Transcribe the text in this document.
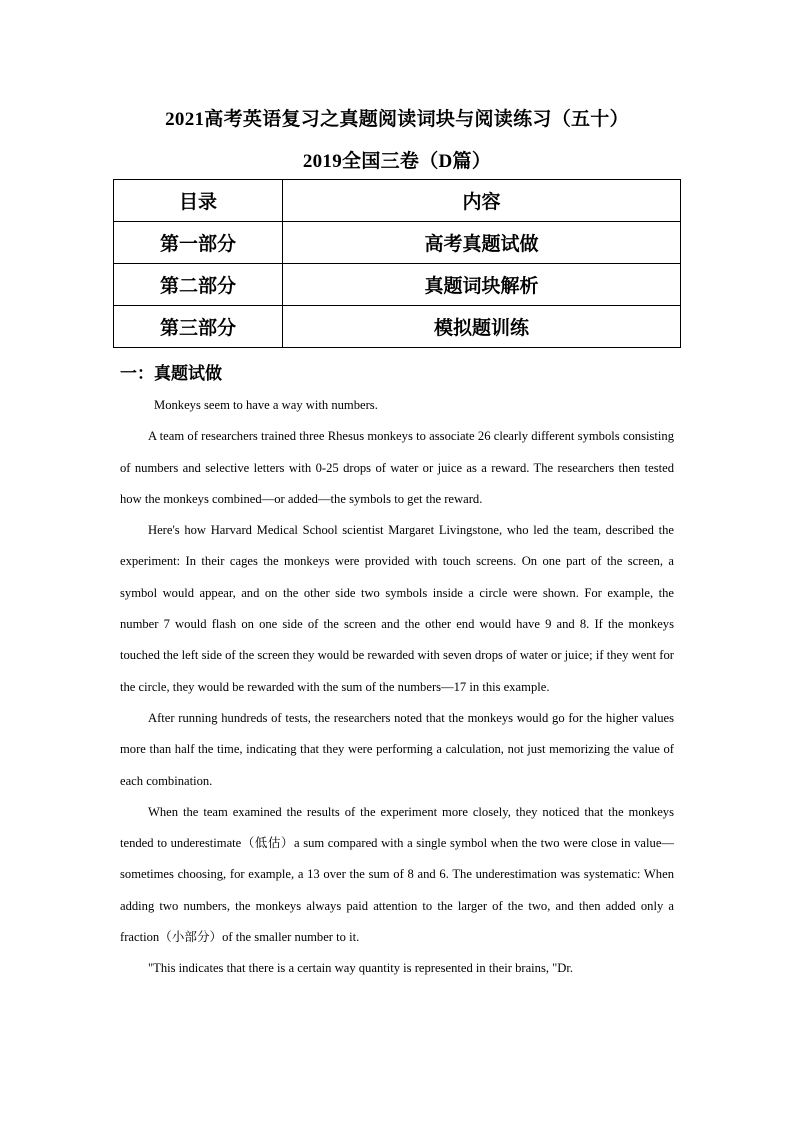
2021高考英语复习之真题阅读词块与阅读练习（五十）
2019全国三卷（D篇）
目录	内容
第一部分	高考真题试做
第二部分	真题词块解析
第三部分	模拟题训练
一：真题试做

Monkeys seem to have a way with numbers.

A team of researchers trained three Rhesus monkeys to associate 26 clearly different symbols consisting of numbers and selective letters with 0-25 drops of water or juice as a reward. The researchers then tested how the monkeys combined—or added—the symbols to get the reward.

Here's how Harvard Medical School scientist Margaret Livingstone, who led the team, described the experiment: In their cages the monkeys were provided with touch screens. On one part of the screen, a symbol would appear, and on the other side two symbols inside a circle were shown. For example, the number 7 would flash on one side of the screen and the other end would have 9 and 8. If the monkeys touched the left side of the screen they would be rewarded with seven drops of water or juice; if they went for the circle, they would be rewarded with the sum of the numbers—17 in this example.

After running hundreds of tests, the researchers noted that the monkeys would go for the higher values more than half the time, indicating that they were performing a calculation, not just memorizing the value of each combination.

When the team examined the results of the experiment more closely, they noticed that the monkeys tended to underestimate（低估）a sum compared with a single symbol when the two were close in value—sometimes choosing, for example, a 13 over the sum of 8 and 6. The underestimation was systematic: When adding two numbers, the monkeys always paid attention to the larger of the two, and then added only a fraction（小部分）of the smaller number to it.

"This indicates that there is a certain way quantity is represented in their brains, "Dr.
